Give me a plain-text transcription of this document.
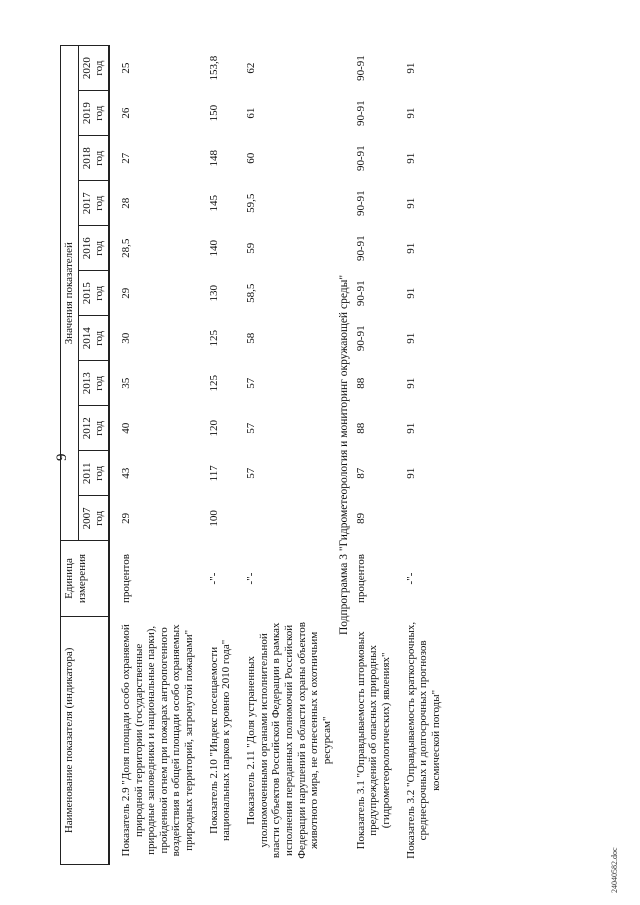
9
Наименование показателя (индикатора)	Единица измерения	Значения показателей										
		2007 год	2011 год	2012 год	2013 год	2014 год	2015 год	2016 год	2017 год	2018 год	2019 год	2020 год
Показатель 2.9 "Доля площади особо охраняемой природной территории (государственные природные заповедники и национальные парки), пройденной огнем при пожарах антропогенного воздействия в общей площади особо охраняемых природных территорий, затронутой пожарами"	процентов	29	43	40	35	30	29	28,5	28	27	26	25
Показатель 2.10 "Индекс посещаемости национальных парков к уровню 2010 года"	-"-	100	117	120	125	125	130	140	145	148	150	153,8
Показатель 2.11 "Доля устраненных уполномоченными органами исполнительной власти субъектов Российской Федерации в рамках исполнения переданных полномочий Российской Федерации нарушений в области охраны объектов животного мира, не отнесенных к охотничьим ресурсам"	-"-		57	57	57	58	58,5	59	59,5	60	61	62
Подпрограмма 3 "Гидрометеорология и мониторинг окружающей среды"												
Показатель 3.1 "Оправдываемость штормовых предупреждений об опасных природных (гидрометеорологических) явлениях"	процентов	89	87	88	88	90-91	90-91	90-91	90-91	90-91	90-91	90-91
Показатель 3.2 "Оправдываемость краткосрочных, среднесрочных и долгосрочных прогнозов космической погоды"	-"-		91	91	91	91	91	91	91	91	91	91
24040582.doc
